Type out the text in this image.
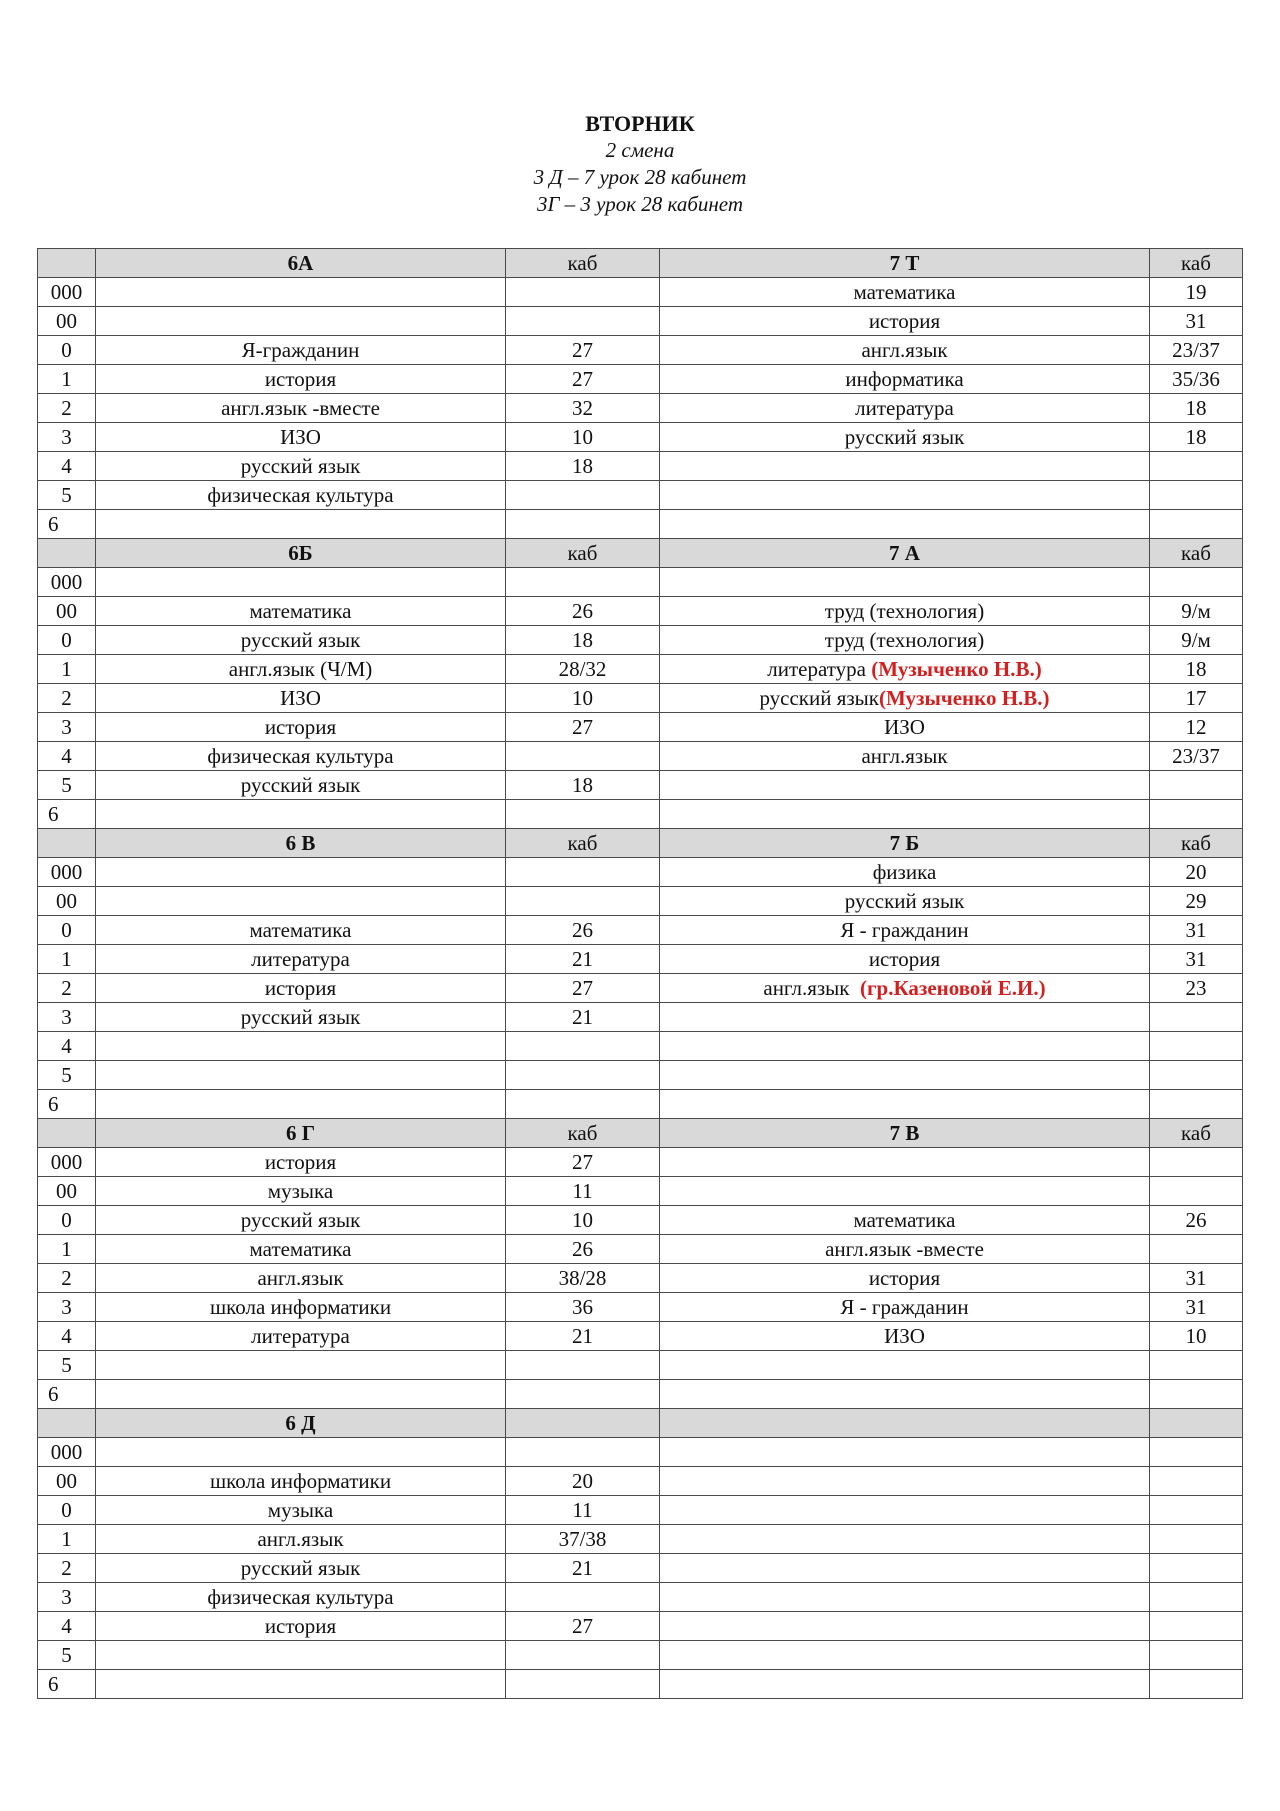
ВТОРНИК
2 смена
3 Д – 7 урок 28 кабинет
3Г – 3 урок 28 кабинет
	6А	каб	7 Т	каб
000			математика	19
00			история	31
0	Я-гражданин	27	англ.язык	23/37
1	история	27	информатика	35/36
2	англ.язык -вместе	32	литература	18
3	ИЗО	10	русский язык	18
4	русский язык	18		
5	физическая культура			
6				
	6Б	каб	7 А	каб
000				
00	математика	26	труд (технология)	9/м
0	русский язык	18	труд (технология)	9/м
1	англ.язык (Ч/М)	28/32	литература (Музыченко Н.В.)	18
2	ИЗО	10	русский язык(Музыченко Н.В.)	17
3	история	27	ИЗО	12
4	физическая культура		англ.язык	23/37
5	русский язык	18		
6				
	6 В	каб	7 Б	каб
000			физика	20
00			русский язык	29
0	математика	26	Я - гражданин	31
1	литература	21	история	31
2	история	27	англ.язык  (гр.Казеновой Е.И.)	23
3	русский язык	21		
4				
5				
6				
	6 Г	каб	7 В	каб
000	история	27		
00	музыка	11		
0	русский язык	10	математика	26
1	математика	26	англ.язык -вместе	
2	англ.язык	38/28	история	31
3	школа информатики	36	Я - гражданин	31
4	литература	21	ИЗО	10
5				
6				
	6 Д			
000				
00	школа информатики	20		
0	музыка	11		
1	англ.язык	37/38		
2	русский язык	21		
3	физическая культура			
4	история	27		
5				
6				
